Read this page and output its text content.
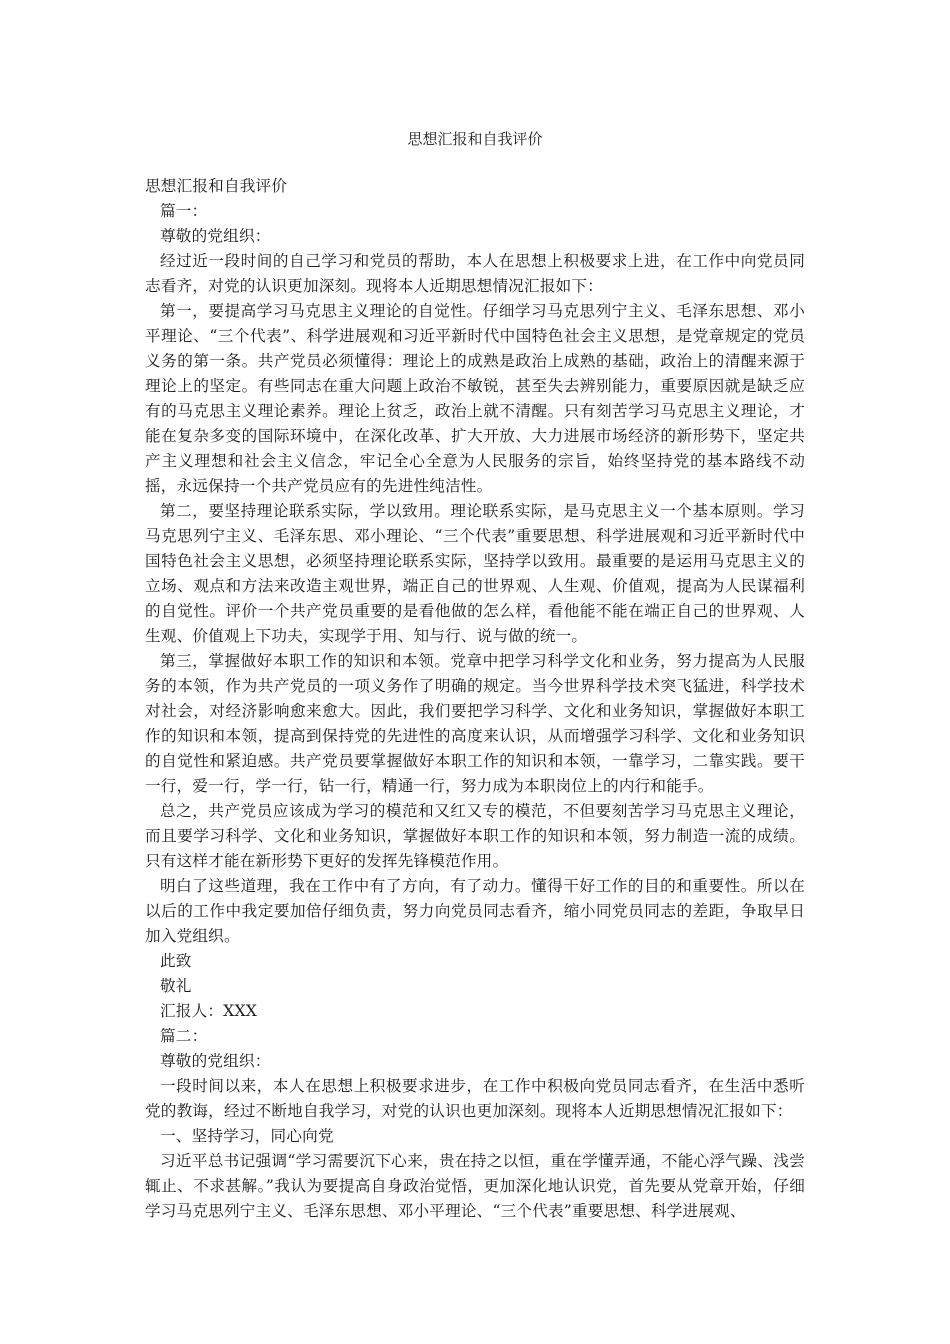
思想汇报和自我评价

思想汇报和自我评价

篇一：

尊敬的党组织：

经过近一段时间的自己学习和党员的帮助，本人在思想上积极要求上进，在工作中向党员同志看齐，对党的认识更加深刻。现将本人近期思想情况汇报如下：

第一，要提高学习马克思主义理论的自觉性。仔细学习马克思列宁主义、毛泽东思想、邓小平理论、“三个代表”、科学进展观和习近平新时代中国特色社会主义思想，是党章规定的党员义务的第一条。共产党员必须懂得：理论上的成熟是政治上成熟的基础，政治上的清醒来源于理论上的坚定。有些同志在重大问题上政治不敏锐，甚至失去辨别能力，重要原因就是缺乏应有的马克思主义理论素养。理论上贫乏，政治上就不清醒。只有刻苦学习马克思主义理论，才能在复杂多变的国际环境中，在深化改革、扩大开放、大力进展市场经济的新形势下，坚定共产主义理想和社会主义信念，牢记全心全意为人民服务的宗旨，始终坚持党的基本路线不动摇，永远保持一个共产党员应有的先进性纯洁性。

第二，要坚持理论联系实际，学以致用。理论联系实际，是马克思主义一个基本原则。学习马克思列宁主义、毛泽东思、邓小理论、“三个代表”重要思想、科学进展观和习近平新时代中国特色社会主义思想，必须坚持理论联系实际，坚持学以致用。最重要的是运用马克思主义的立场、观点和方法来改造主观世界，端正自己的世界观、人生观、价值观，提高为人民谋福利的自觉性。评价一个共产党员重要的是看他做的怎么样，看他能不能在端正自己的世界观、人生观、价值观上下功夫，实现学于用、知与行、说与做的统一。

第三，掌握做好本职工作的知识和本领。党章中把学习科学文化和业务，努力提高为人民服务的本领，作为共产党员的一项义务作了明确的规定。当今世界科学技术突飞猛进，科学技术对社会，对经济影响愈来愈大。因此，我们要把学习科学、文化和业务知识，掌握做好本职工作的知识和本领，提高到保持党的先进性的高度来认识，从而增强学习科学、文化和业务知识的自觉性和紧迫感。共产党员要掌握做好本职工作的知识和本领，一靠学习，二靠实践。要干一行，爱一行，学一行，钻一行，精通一行，努力成为本职岗位上的内行和能手。

总之，共产党员应该成为学习的模范和又红又专的模范，不但要刻苦学习马克思主义理论，而且要学习科学、文化和业务知识，掌握做好本职工作的知识和本领，努力制造一流的成绩。只有这样才能在新形势下更好的发挥先锋模范作用。

明白了这些道理，我在工作中有了方向，有了动力。懂得干好工作的目的和重要性。所以在以后的工作中我定要加倍仔细负责，努力向党员同志看齐，缩小同党员同志的差距，争取早日加入党组织。

此致

敬礼

汇报人：XXX

篇二：

尊敬的党组织：

一段时间以来，本人在思想上积极要求进步，在工作中积极向党员同志看齐，在生活中悉听党的教诲，经过不断地自我学习，对党的认识也更加深刻。现将本人近期思想情况汇报如下：

一、坚持学习，同心向党

习近平总书记强调“学习需要沉下心来，贵在持之以恒，重在学懂弄通，不能心浮气躁、浅尝辄止、不求甚解。”我认为要提高自身政治觉悟，更加深化地认识党，首先要从党章开始，仔细学习马克思列宁主义、毛泽东思想、邓小平理论、“三个代表”重要思想、科学进展观、
